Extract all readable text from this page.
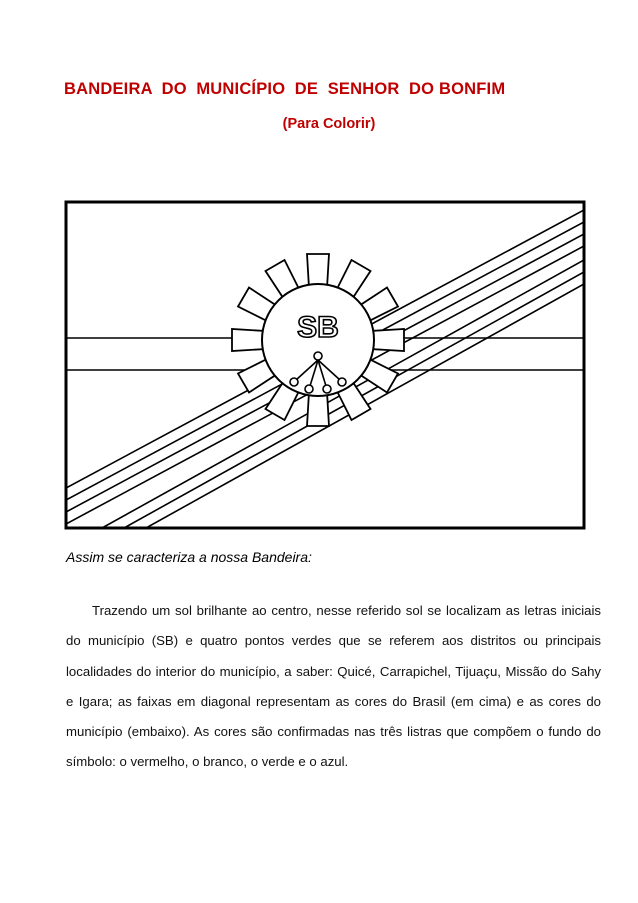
BANDEIRA  DO  MUNICÍPIO  DE  SENHOR  DO BONFIM
(Para Colorir)
SB
Assim se caracteriza a nossa Bandeira:
Trazendo um sol brilhante ao centro, nesse referido sol se localizam as letras iniciais do município (SB) e quatro pontos verdes que se referem aos distritos ou principais localidades do interior do município, a saber: Quicé, Carrapichel, Tijuaçu, Missão do Sahy e Igara; as faixas em diagonal representam as cores do Brasil (em cima) e as cores do município (embaixo). As cores são confirmadas nas três listras que compõem o fundo do símbolo: o vermelho, o branco, o verde e o azul.
